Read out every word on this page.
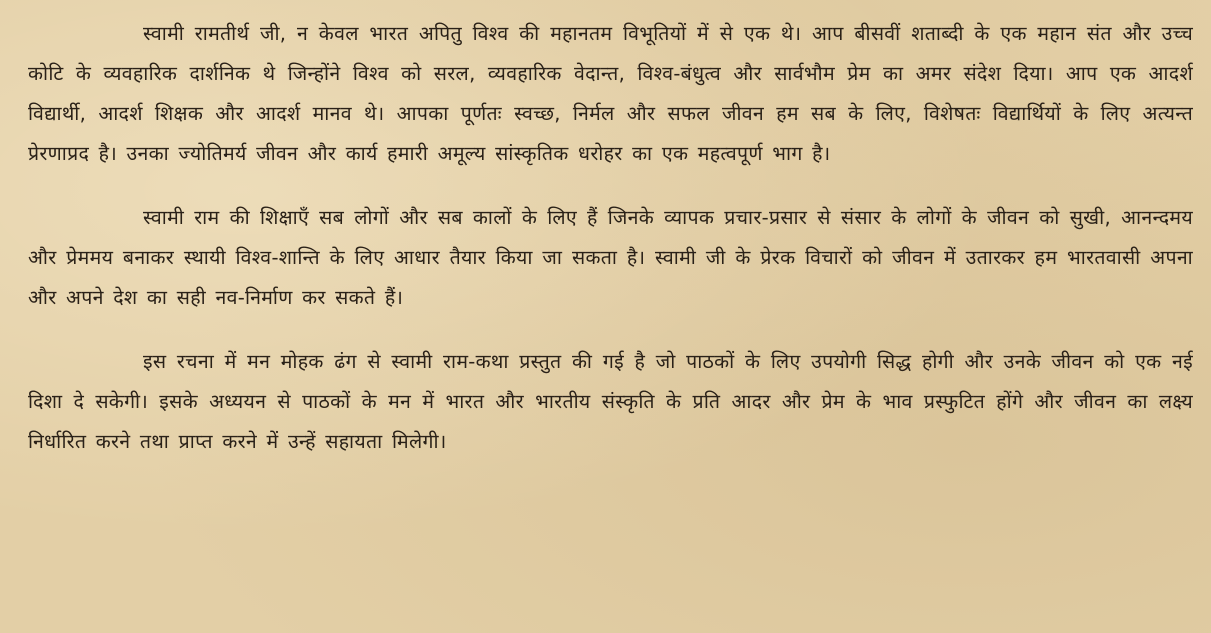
स्वामी रामतीर्थ जी, न केवल भारत अपितु विश्व की महानतम विभूतियों में से एक थे। आप बीसवीं शताब्दी के एक महान संत और उच्च कोटि के व्यवहारिक दार्शनिक थे जिन्होंने विश्व को सरल, व्यवहारिक वेदान्त, विश्व-बंधुत्व और सार्वभौम प्रेम का अमर संदेश दिया। आप एक आदर्श विद्यार्थी, आदर्श शिक्षक और आदर्श मानव थे। आपका पूर्णतः स्वच्छ, निर्मल और सफल जीवन हम सब के लिए, विशेषतः विद्यार्थियों के लिए अत्यन्त प्रेरणाप्रद है। उनका ज्योतिमर्य जीवन और कार्य हमारी अमूल्य सांस्कृतिक धरोहर का एक महत्वपूर्ण भाग है।

स्वामी राम की शिक्षाएँ सब लोगों और सब कालों के लिए हैं जिनके व्यापक प्रचार-प्रसार से संसार के लोगों के जीवन को सुखी, आनन्दमय और प्रेममय बनाकर स्थायी विश्व-शान्ति के लिए आधार तैयार किया जा सकता है। स्वामी जी के प्रेरक विचारों को जीवन में उतारकर हम भारतवासी अपना और अपने देश का सही नव-निर्माण कर सकते हैं।

इस रचना में मन मोहक ढंग से स्वामी राम-कथा प्रस्तुत की गई है जो पाठकों के लिए उपयोगी सिद्ध होगी और उनके जीवन को एक नई दिशा दे सकेगी। इसके अध्ययन से पाठकों के मन में भारत और भारतीय संस्कृति के प्रति आदर और प्रेम के भाव प्रस्फुटित होंगे और जीवन का लक्ष्य निर्धारित करने तथा प्राप्त करने में उन्हें सहायता मिलेगी।
